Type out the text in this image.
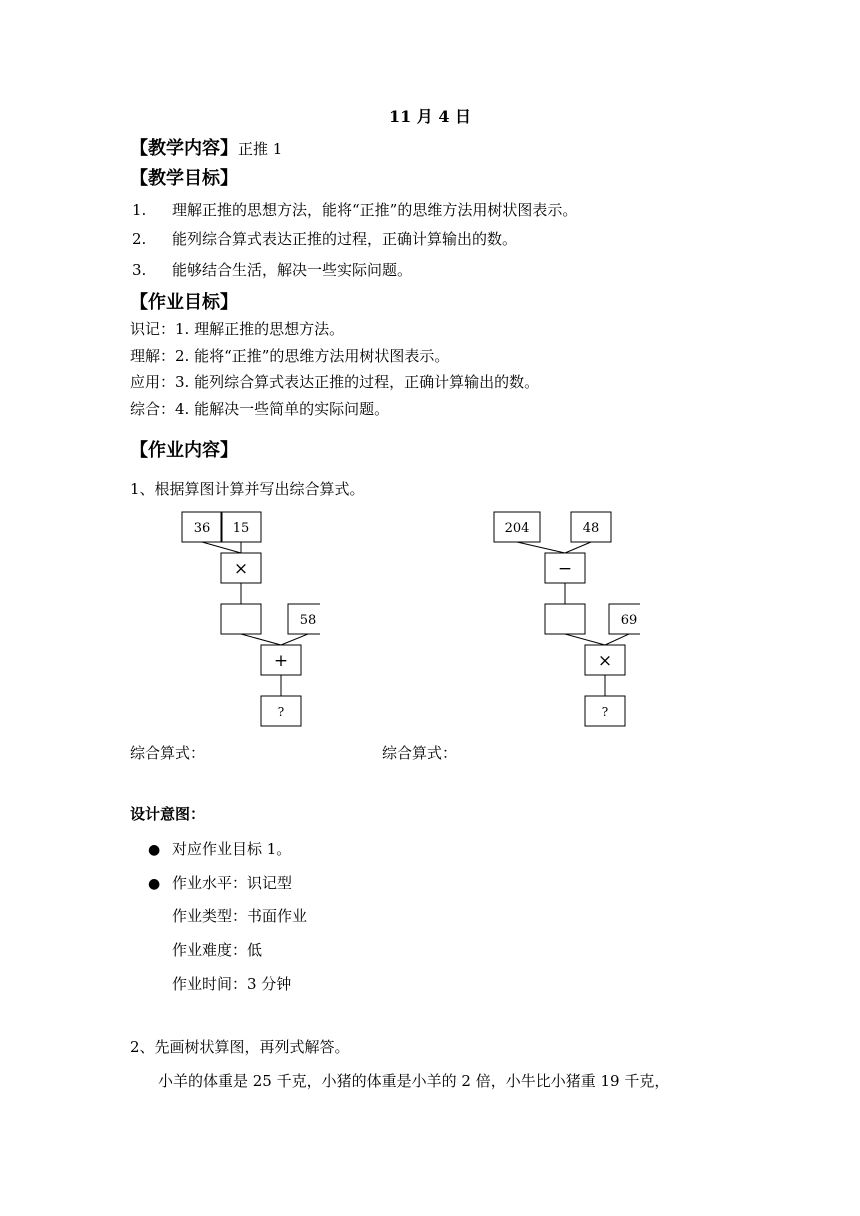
11 月 4 日
【教学内容】正推 1
【教学目标】
1. 理解正推的思想方法，能将“正推”的思维方法用树状图表示。
2. 能列综合算式表达正推的过程，正确计算输出的数。
3. 能够结合生活，解决一些实际问题。
【作业目标】
识记：1. 理解正推的思想方法。
理解：2. 能将“正推”的思维方法用树状图表示。
应用：3. 能列综合算式表达正推的过程，正确计算输出的数。
综合：4. 能解决一些简单的实际问题。
【作业内容】
1、根据算图计算并写出综合算式。
36 15
×
58
+
?
204	48
−
69
×
?
综合算式：	综合算式：
设计意图：
● 对应作业目标 1。
● 作业水平：识记型
作业类型：书面作业
作业难度：低
作业时间：3 分钟
2、先画树状算图，再列式解答。
小羊的体重是 25 千克，小猪的体重是小羊的 2 倍，小牛比小猪重 19 千克，
